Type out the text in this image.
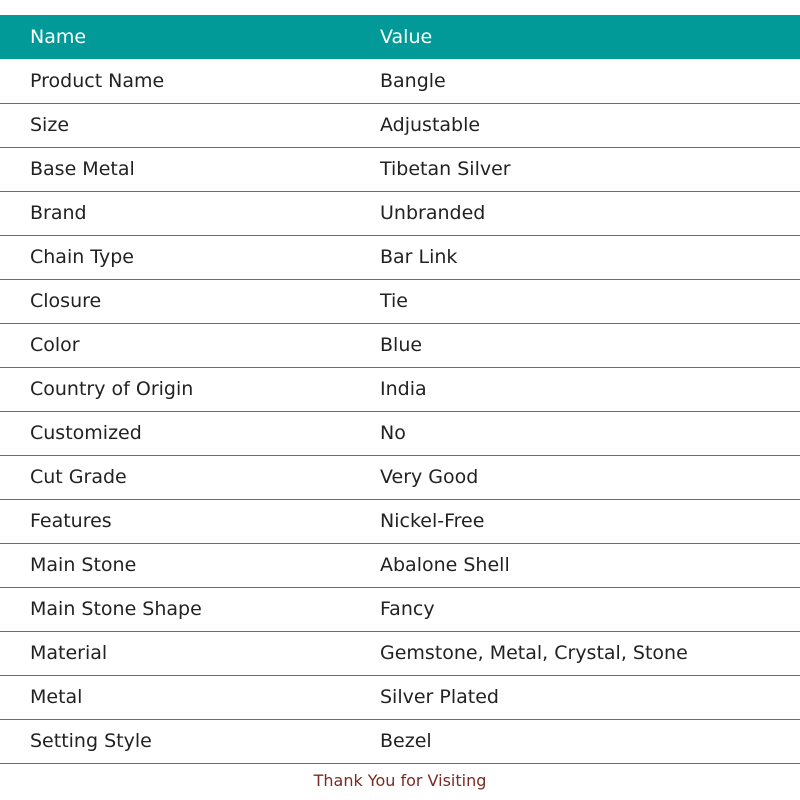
Name	Value
Product Name	Bangle
Size	Adjustable
Base Metal	Tibetan Silver
Brand	Unbranded
Chain Type	Bar Link
Closure	Tie
Color	Blue
Country of Origin	India
Customized	No
Cut Grade	Very Good
Features	Nickel-Free
Main Stone	Abalone Shell
Main Stone Shape	Fancy
Material	Gemstone, Metal, Crystal, Stone
Metal	Silver Plated
Setting Style	Bezel
Thank You for Visiting
